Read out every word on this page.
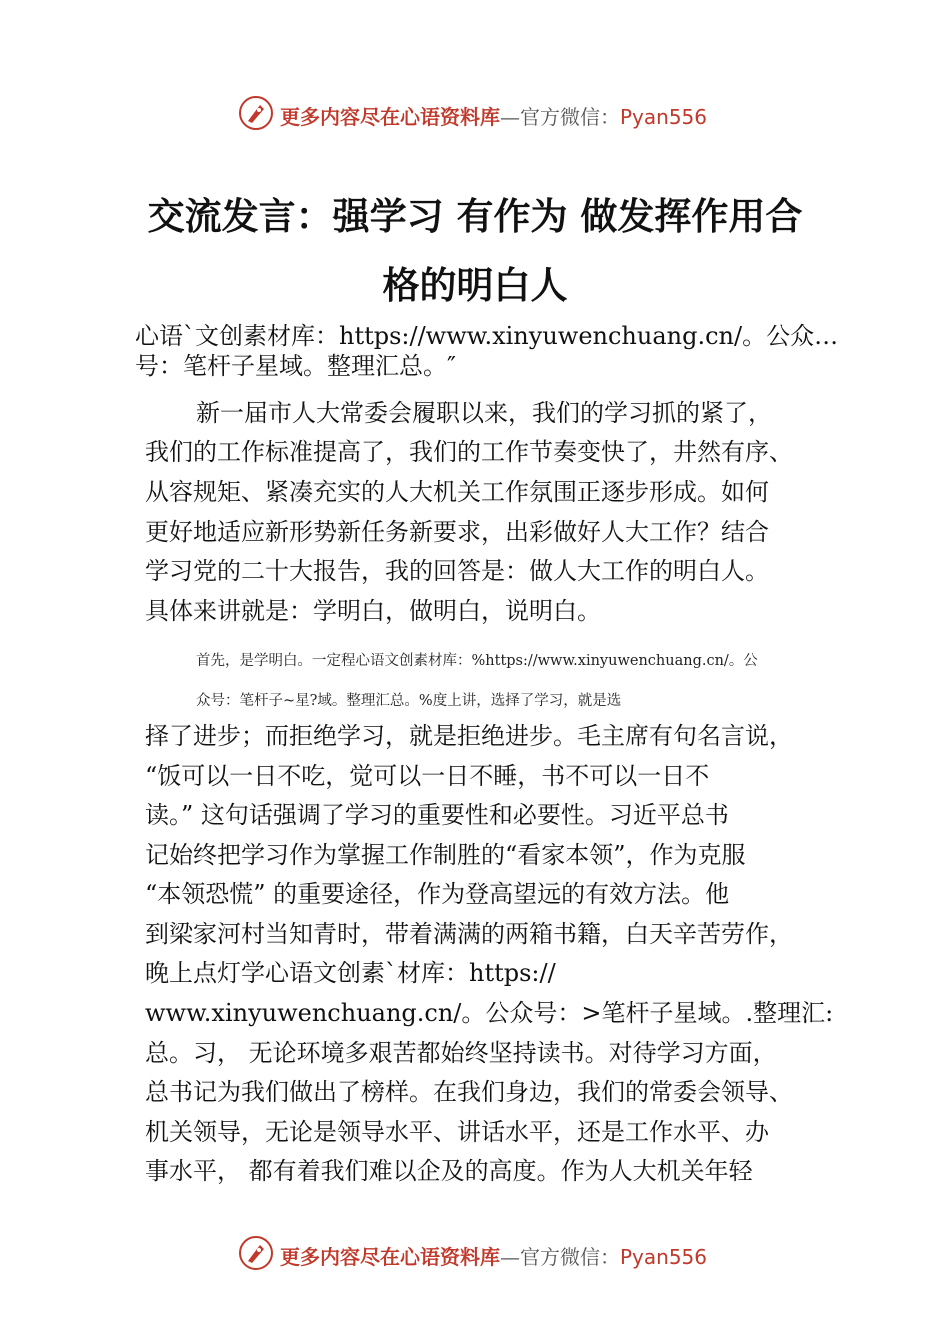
更多内容尽在心语资料库—官方微信：Pyan556
交流发言：强学习 有作为 做发挥作用合
格的明白人
心语`文创素材库：https://www.xinyuwenchuang.cn/。公众…
号：笔杆子星域。整理汇总。″
新一届市人大常委会履职以来，我们的学习抓的紧了，
我们的工作标准提高了，我们的工作节奏变快了，井然有序、
从容规矩、紧凑充实的人大机关工作氛围正逐步形成。如何
更好地适应新形势新任务新要求，出彩做好人大工作？结合
学习党的二十大报告，我的回答是：做人大工作的明白人。
具体来讲就是：学明白，做明白，说明白。
首先，是学明白。一定程心语文创素材库：%https://www.xinyuwenchuang.cn/。公
众号：笔杆子~星?域。整理汇总。%度上讲，选择了学习，就是选
择了进步；而拒绝学习，就是拒绝进步。毛主席有句名言说，
“饭可以一日不吃，觉可以一日不睡，书不可以一日不
读。” 这句话强调了学习的重要性和必要性。习近平总书
记始终把学习作为掌握工作制胜的“看家本领”，作为克服
“本领恐慌” 的重要途径，作为登高望远的有效方法。他
到梁家河村当知青时，带着满满的两箱书籍，白天辛苦劳作，
晚上点灯学心语文创素`材库：https://
www.xinyuwenchuang.cn/。公众号：>笔杆子星域。.整理汇:
总。习， 无论环境多艰苦都始终坚持读书。对待学习方面，
总书记为我们做出了榜样。在我们身边，我们的常委会领导、
机关领导，无论是领导水平、讲话水平，还是工作水平、办
事水平， 都有着我们难以企及的高度。作为人大机关年轻
更多内容尽在心语资料库—官方微信：Pyan556
